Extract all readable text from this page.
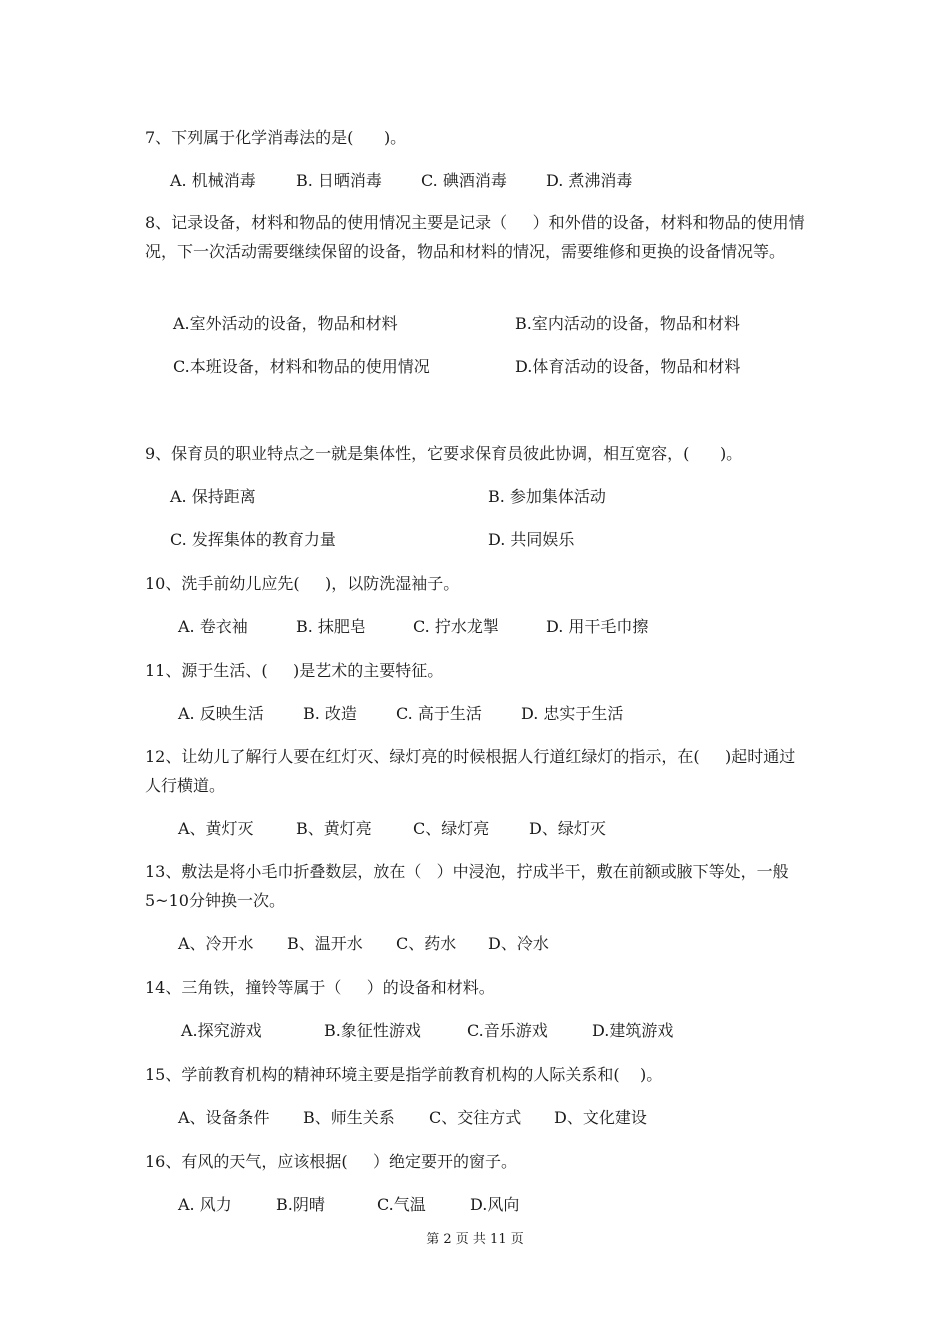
7、下列属于化学消毒法的是(      )。
A. 机械消毒	B. 日晒消毒 C. 碘酒消毒 D. 煮沸消毒
8、记录设备，材料和物品的使用情况主要是记录（     ）和外借的设备，材料和物品的使用情况，下一次活动需要继续保留的设备，物品和材料的情况，需要维修和更换的设备情况等。
A.室外活动的设备，物品和材料	B.室内活动的设备，物品和材料
C.本班设备，材料和物品的使用情况	D.体育活动的设备，物品和材料
9、保育员的职业特点之一就是集体性，它要求保育员彼此协调，相互宽容，(      )。
A. 保持距离	B. 参加集体活动
C. 发挥集体的教育力量	D. 共同娱乐
10、洗手前幼儿应先(     )，以防洗湿袖子。
A. 卷衣袖	B. 抹肥皂	C. 拧水龙掣	D. 用干毛巾擦
11、源于生活、(     )是艺术的主要特征。
A. 反映生活 B. 改造 C. 高于生活 D. 忠实于生活
12、让幼儿了解行人要在红灯灭、绿灯亮的时候根据人行道红绿灯的指示，在(     )起时通过人行横道。
A、黄灯灭	B、黄灯亮	C、绿灯亮 D、绿灯灭
13、敷法是将小毛巾折叠数层，放在（   ）中浸泡，拧成半干，敷在前额或腋下等处，一般5~10分钟换一次。
A、冷开水 B、温开水 C、药水 D、冷水
14、三角铁，撞铃等属于（     ）的设备和材料。
A.探究游戏	B.象征性游戏	C.音乐游戏	D.建筑游戏
15、学前教育机构的精神环境主要是指学前教育机构的人际关系和(    )。
A、设备条件 B、师生关系 C、交往方式 D、文化建设
16、有风的天气，应该根据(     ）绝定要开的窗子。
A. 风力	B.阴晴	C.气温	D.风向
第 2 页 共 11 页
